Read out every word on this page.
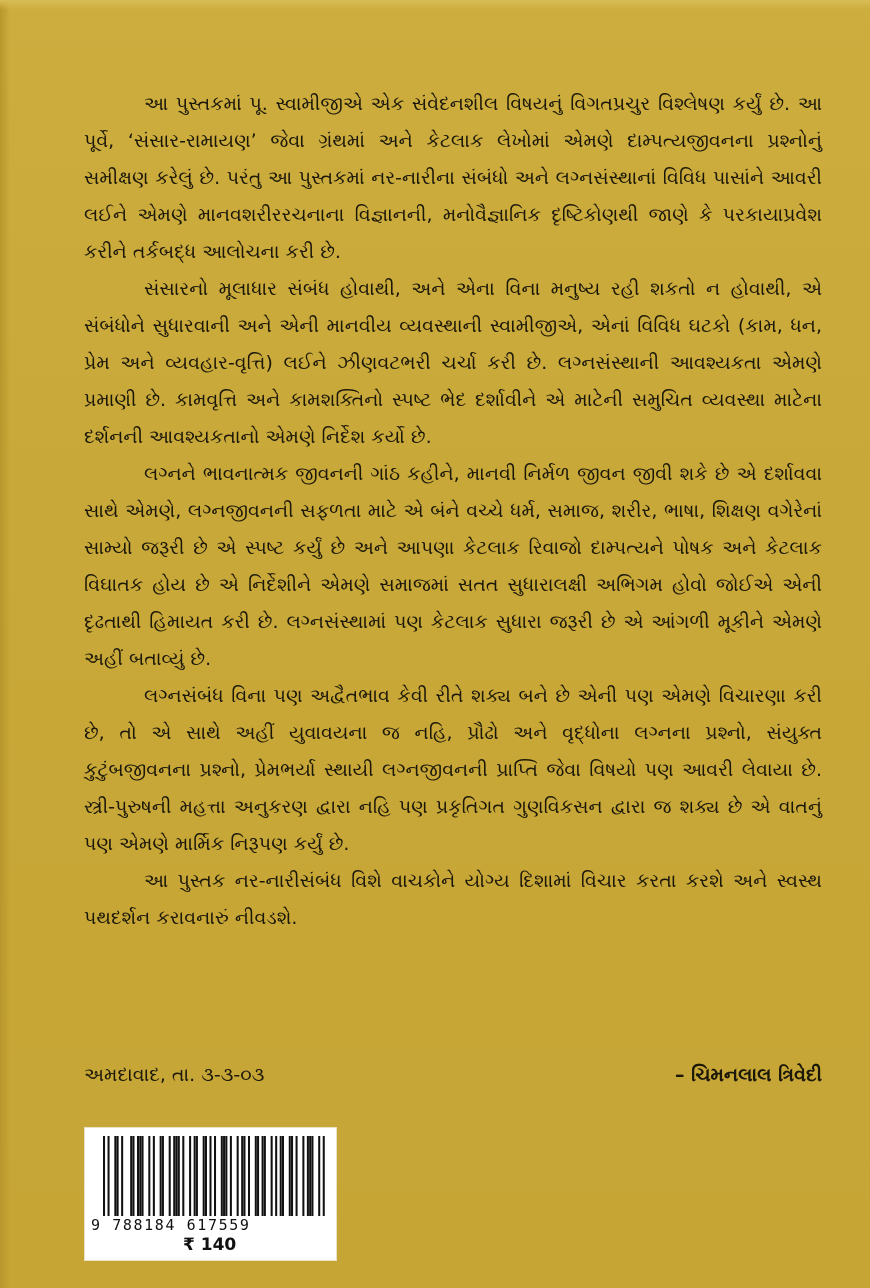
આ પુસ્તકમાં પૂ. સ્વામીજીએ એક સંવેદનશીલ વિષયનું વિગતપ્રચુર વિશ્લેષણ કર્યું છે. આ પૂર્વે, ‘સંસાર-રામાયણ’ જેવા ગ્રંથમાં અને કેટલાક લેખોમાં એમણે દામ્પત્યજીવનના પ્રશ્નોનું સમીક્ષણ કરેલું છે. પરંતુ આ પુસ્તકમાં નર-નારીના સંબંધો અને લગ્નસંસ્થાનાં વિવિધ પાસાંને આવરી લઈને એમણે માનવશરીરરચનાના વિજ્ઞાનની, મનોવૈજ્ઞાનિક દૃષ્ટિકોણથી જાણે કે પરકાયાપ્રવેશ કરીને તર્કબદ્ધ આલોચના કરી છે.

સંસારનો મૂલાધાર સંબંધ હોવાથી, અને એના વિના મનુષ્ય રહી શકતો ન હોવાથી, એ સંબંધોને સુધારવાની અને એની માનવીય વ્યવસ્થાની સ્વામીજીએ, એનાં વિવિધ ઘટકો (કામ, ધન, પ્રેમ અને વ્યવહાર-વૃત્તિ) લઈને ઝીણવટભરી ચર્ચા કરી છે. લગ્નસંસ્થાની આવશ્યકતા એમણે પ્રમાણી છે. કામવૃત્તિ અને કામશક્તિનો સ્પષ્ટ ભેદ દર્શાવીને એ માટેની સમુચિત વ્યવસ્થા માટેના દર્શનની આવશ્યકતાનો એમણે નિર્દેશ કર્યો છે.

લગ્નને ભાવનાત્મક જીવનની ગાંઠ કહીને, માનવી નિર્મળ જીવન જીવી શકે છે એ દર્શાવવા સાથે એમણે, લગ્નજીવનની સફળતા માટે એ બંને વચ્ચે ધર્મ, સમાજ, શરીર, ભાષા, શિક્ષણ વગેરેનાં સામ્યો જરૂરી છે એ સ્પષ્ટ કર્યું છે અને આપણા કેટલાક રિવાજો દામ્પત્યને પોષક અને કેટલાક વિઘાતક હોય છે એ નિર્દેશીને એમણે સમાજમાં સતત સુધારાલક્ષી અભિગમ હોવો જોઈએ એની દૃઢતાથી હિમાયત કરી છે. લગ્નસંસ્થામાં પણ કેટલાક સુધારા જરૂરી છે એ આંગળી મૂકીને એમણે અહીં બતાવ્યું છે.

લગ્નસંબંધ વિના પણ અદ્વૈતભાવ કેવી રીતે શક્ય બને છે એની પણ એમણે વિચારણા કરી છે, તો એ સાથે અહીં યુવાવયના જ નહિ, પ્રૌઢો અને વૃદ્ધોના લગ્નના પ્રશ્નો, સંયુક્ત કુટુંબજીવનના પ્રશ્નો, પ્રેમભર્યા સ્થાયી લગ્નજીવનની પ્રાપ્તિ જેવા વિષયો પણ આવરી લેવાયા છે. સ્ત્રી-પુરુષની મહત્તા અનુકરણ દ્વારા નહિ પણ પ્રકૃતિગત ગુણવિકસન દ્વારા જ શક્ય છે એ વાતનું પણ એમણે માર્મિક નિરૂપણ કર્યું છે.

આ પુસ્તક નર-નારીસંબંધ વિશે વાચકોને યોગ્ય દિશામાં વિચાર કરતા કરશે અને સ્વસ્થ પથદર્શન કરાવનારું નીવડશે.

અમદાવાદ, તા. ૩-૩-૦૩	– ચિમનલાલ ત્રિવેદી
9 788184 617559
₹ 140
